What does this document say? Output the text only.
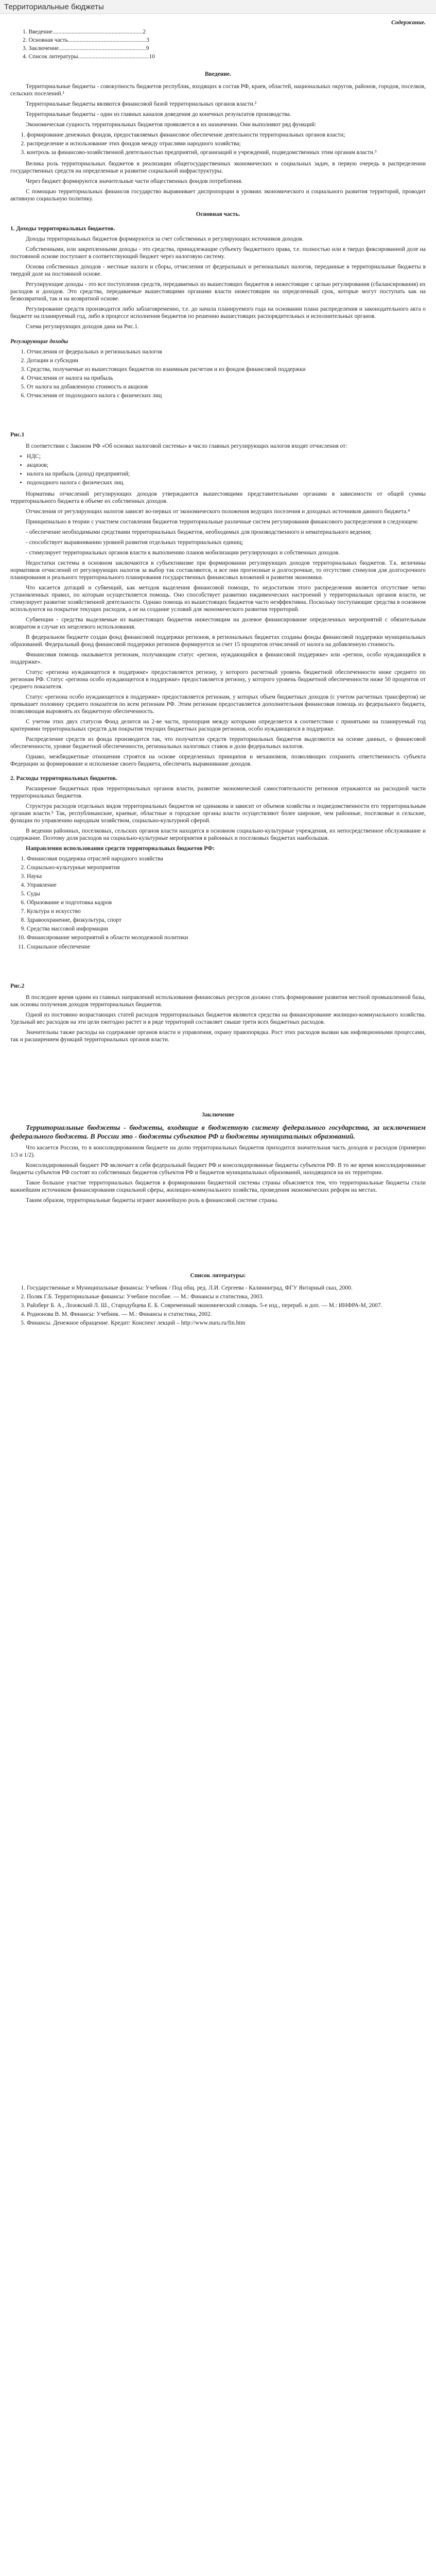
Территориальные бюджеты
Содержание.
1. Введение.............................................................2
2. Основная часть.....................................................3
3. Заключение...........................................................9
4. Список литературы................................................10
Введение.

Территориальные бюджеты - совокупность бюджетов республик, входящих в состав РФ, краев, областей, национальных округов, районов, городов, поселков, сельских поселений.¹

Территориальные бюджеты являются финансовой базой территориальных органов власти.²

Территориальные бюджеты - один из главных каналов доведения до конечных результатов производства.

Экономическая сущность территориальных бюджетов проявляется в их назначении. Они выполняют ряд функций:

1. формирование денежных фондов, предоставляемых финансовое обеспечение деятельности территориальных органов власти;
2. распределение и использование этих фондов между отраслями народного хозяйства;
3. контроль за финансово-хозяйственной деятельностью предприятий, организаций и учреждений, подведомственных этим органам власти.³

Велика роль территориальных бюджетов в реализации общегосударственных экономических и социальных задач, в первую очередь в распределении государственных средств на определенные и развитие социальной инфраструктуры.

Через бюджет формируются значительные части общественных фондов потребления.

С помощью территориальных финансов государство выравнивает диспропорции в уровнях экономического и социального развития территорий, проводит активную социальную политику.

Основная часть.
1. Доходы территориальных бюджетов.

Доходы территориальных бюджетов формируются за счет собственных и регулирующих источников доходов.

Собственными, или закрепленными доходы - это средства, принадлежащие субъекту бюджетного права, т.е. полностью или в твердо фиксированной доле на постоянной основе поступают в соответствующий бюджет через налоговую систему.

Основа собственных доходов - местные налоги и сборы, отчисления от федеральных и региональных налогов, переданные в территориальные бюджеты в твердой доле на постоянной основе.

Регулирующие доходы - это все поступления средств, передаваемых из вышестоящих бюджетов в нижестоящие с целью регулирования (сбалансирования) их расходов и доходов. Это средства, передаваемые вышестоящими органами власти нижестоящим на определенный срок, которые могут поступать как на безвозвратной, так и на возвратной основе.

Регулирование средств производится либо заблаговременно, т.е. до начала планируемого года на основании плана распределения и законодательного акта о бюджете на планируемый год, либо в процессе исполнения бюджетов по решению вышестоящих распорядительных и исполнительных органов.

Схема регулирующих доходов дана на Рис.1.

Регулирующие доходы
1. Отчисления от федеральных и региональных налогов
2. Дотации и субсидии
3. Средства, получаемые из вышестоящих бюджетов по взаимным расчетам и из фондов финансовой поддержки
4. Отчисления от налога на прибыль
5. От налога на добавленную стоимость и акцизов
6. Отчисления от подоходного налога с физических лиц
Рис.1

В соответствии с Законом РФ «Об основах налоговой системы» в число главных регулирующих налогов входят отчисления от:

• НДС;
• акцизов;
• налога на прибыль (доход) предприятий;
• подоходного налога с физических лиц.

Нормативы отчислений регулирующих доходов утверждаются вышестоящими представительными органами в зависимости от общей суммы территориального бюджета в объеме их собственных доходов.

Отчисления от регулирующих налогов зависят во-первых от экономического положения ведущих поселения и доходных источников данного бюджета.⁴

Принципиально в теории с участием составления бюджетов территориальные различные систем регулирования финансового распределения в следующем:

- обеспечение необходимыми средствами территориальных бюджетов, необходимых для производственного и нематериального ведения;

- способствует выравниванию уровней развития отдельных территориальных единиц;

- стимулирует территориальных органов власти к выполнению планов мобилизации регулирующих и собственных доходов.

Недостатки системы в основном заключаются в субъективизме при формировании регулирующих доходов территориальных бюджетов. Т.к. величины нормативов отчислений от регулирующих налогов за выбор так составляются, и все они прогнозные и долгосрочные, то отсутствие стимулов для долгосрочного планирования и реального территориального планирования государственных финансовых вложений и развития экономики.

Что касается дотаций и субвенций, как методов выделения финансовой помощи, то недостатком этого распределения является отсутствие четко установленных правил, по которым осуществляется помощь. Оно способствует развитию иждивенческих настроений у территориальных органов власти, не стимулирует развитие хозяйственной деятельности. Однако помощь из вышестоящих бюджетов часто неэффективна. Поскольку поступающие средства в основном используются на покрытие текущих расходов, а не на создание условий для экономического развития территорий.

Субвенции - средства выделяемые из вышестоящих бюджетов нижестоящим на долевое финансирование определенных мероприятий с обязательным возвратом в случае их нецелевого использования.

В федеральном бюджете создан фонд финансовой поддержки регионов, в региональных бюджетах созданы фонды финансовой поддержки муниципальных образований. Федеральный фонд финансовой поддержки регионов формируется за счет 15 процентов отчислений от налога на добавленную стоимость.

Финансовая помощь оказывается регионам, получающим статус «регион, нуждающийся в финансовой поддержке» или «регион, особо нуждающийся в поддержке».

Статус «региона нуждающегося в поддержке» предоставляется региону, у которого расчетный уровень бюджетной обеспеченности ниже среднего по регионам РФ. Статус «региона особо нуждающегося в поддержке» предоставляется региону, у которого уровень бюджетной обеспеченности ниже 50 процентов от среднего показателя.

Статус «региона особо нуждающегося в поддержке» предоставляется регионам, у которых объем бюджетных доходов (с учетом расчетных трансфертов) не превышает половину среднего показателя по всем регионам РФ. Этим регионам предоставляется дополнительная финансовая помощь из федерального бюджета, позволяющая выровнять их бюджетную обеспеченность.

С учетом этих двух статусов Фонд делится на 2-ве части, пропорция между которыми определяется в соответствии с принятыми на планируемый год критериями территориальных средств для покрытия текущих бюджетных расходов регионов, особо нуждающихся в поддержке.

Распределение средств из фонда производится так, что получатели средств территориальных бюджетов выделяются на основе данных, о финансовой обеспеченности, уровне бюджетной обеспеченности, региональных налоговых ставок и доли федеральных налогов.

Однако, межбюджетные отношения строятся на основе определенных принципов и механизмов, позволяющих сохранить ответственность субъекта Федерации за формирование и исполнение своего бюджета, обеспечить выравнивание доходов.

2. Расходы территориальных бюджетов.

Расширение бюджетных прав территориальных органов власти, развитие экономической самостоятельности регионов отражаются на расходной части территориальных бюджетов.

Структура расходов отдельных видов территориальных бюджетов не одинакова и зависит от объемов хозяйства и подведомственности его территориальным органам власти.⁵ Так, республиканские, краевые, областные и городские органы власти осуществляют более широкие, чем районные, поселковые и сельские, функции по управлению народным хозяйством, социально-культурной сферой.

В ведении районных, поселковых, сельских органов власти находятся в основном социально-культурные учреждения, их непосредственное обслуживание и содержание. Поэтому доля расходов на социально-культурные мероприятия в районных и поселковых бюджетах наибольшая.

Направления использования средств территориальных бюджетов РФ:

1. Финансовая поддержка отраслей народного хозяйства
2. Социально-культурные мероприятия
3. Наука
4. Управление
5. Суды
6. Образование и подготовка кадров
7. Культура и искусство
8. Здравоохранение, физкультура, спорт
9. Средства массовой информации
10. Финансирование мероприятий в области молодежной политики
11. Социальное обеспечение
Рис.2

В последнее время одним из главных направлений использования финансовых ресурсов должно стать формирование развития местной промышленной базы, как основы получения доходов территориальных бюджетов.

Одной из постоянно возрастающих статей расходов территориальных бюджетов являются средства на финансирование жилищно-коммунального хозяйства. Удельный вес расходов на эти цели ежегодно растет и в ряде территорий составляет свыше трети всех бюджетных расходов.

Значительны также расходы на содержание органов власти и управления, охрану правопорядка. Рост этих расходов вызван как инфляционными процессами, так и расширением функций территориальных органов власти.

Заключение

Территориальные бюджеты - бюджеты, входящие в бюджетную систему федерального государства, за исключением федерального бюджета. В России это - бюджеты субъектов РФ и бюджеты муниципальных образований.

Что касается России, то в консолидированном бюджете на долю территориальных бюджетов приходится значительная часть доходов и расходов (примерно 1/3 и 1/2).

Консолидированный бюджет РФ включает в себя федеральный бюджет РФ и консолидированные бюджеты субъектов РФ. В то же время консолидированные бюджеты субъектов РФ состоят из собственных бюджетов субъектов РФ и бюджетов муниципальных образований, находящихся на их территории.

Такое большое участие территориальных бюджетов в формировании бюджетной системы страны объясняется тем, что территориальные бюджеты стали важнейшим источником финансирования социальной сферы, жилищно-коммунального хозяйства, проведения экономических реформ на местах.

Таким образом, территориальные бюджеты играют важнейшую роль в финансовой системе страны.

Список литературы:
1. Государственные и Муниципальные финансы: Учебник / Под общ. ред. Л.И. Сергеева - Калининград, ФГУ Янтарный сказ, 2000.
2. Поляк Г.Б. Территориальные финансы: Учебное пособие. — М.: Финансы и статистика, 2003.
3. Райзберг Б. А., Лозовский Л. Ш., Стародубцева Е. Б. Современный экономический словарь. 5-е изд., перераб. и доп. — М.: ИНФРА-М, 2007.
4. Родионова В. М. Финансы: Учебник. — М.: Финансы и статистика, 2002.
5. Финансы. Денежное обращение. Кредит: Конспект лекций – http://www.nuru.ru/fin.htm
